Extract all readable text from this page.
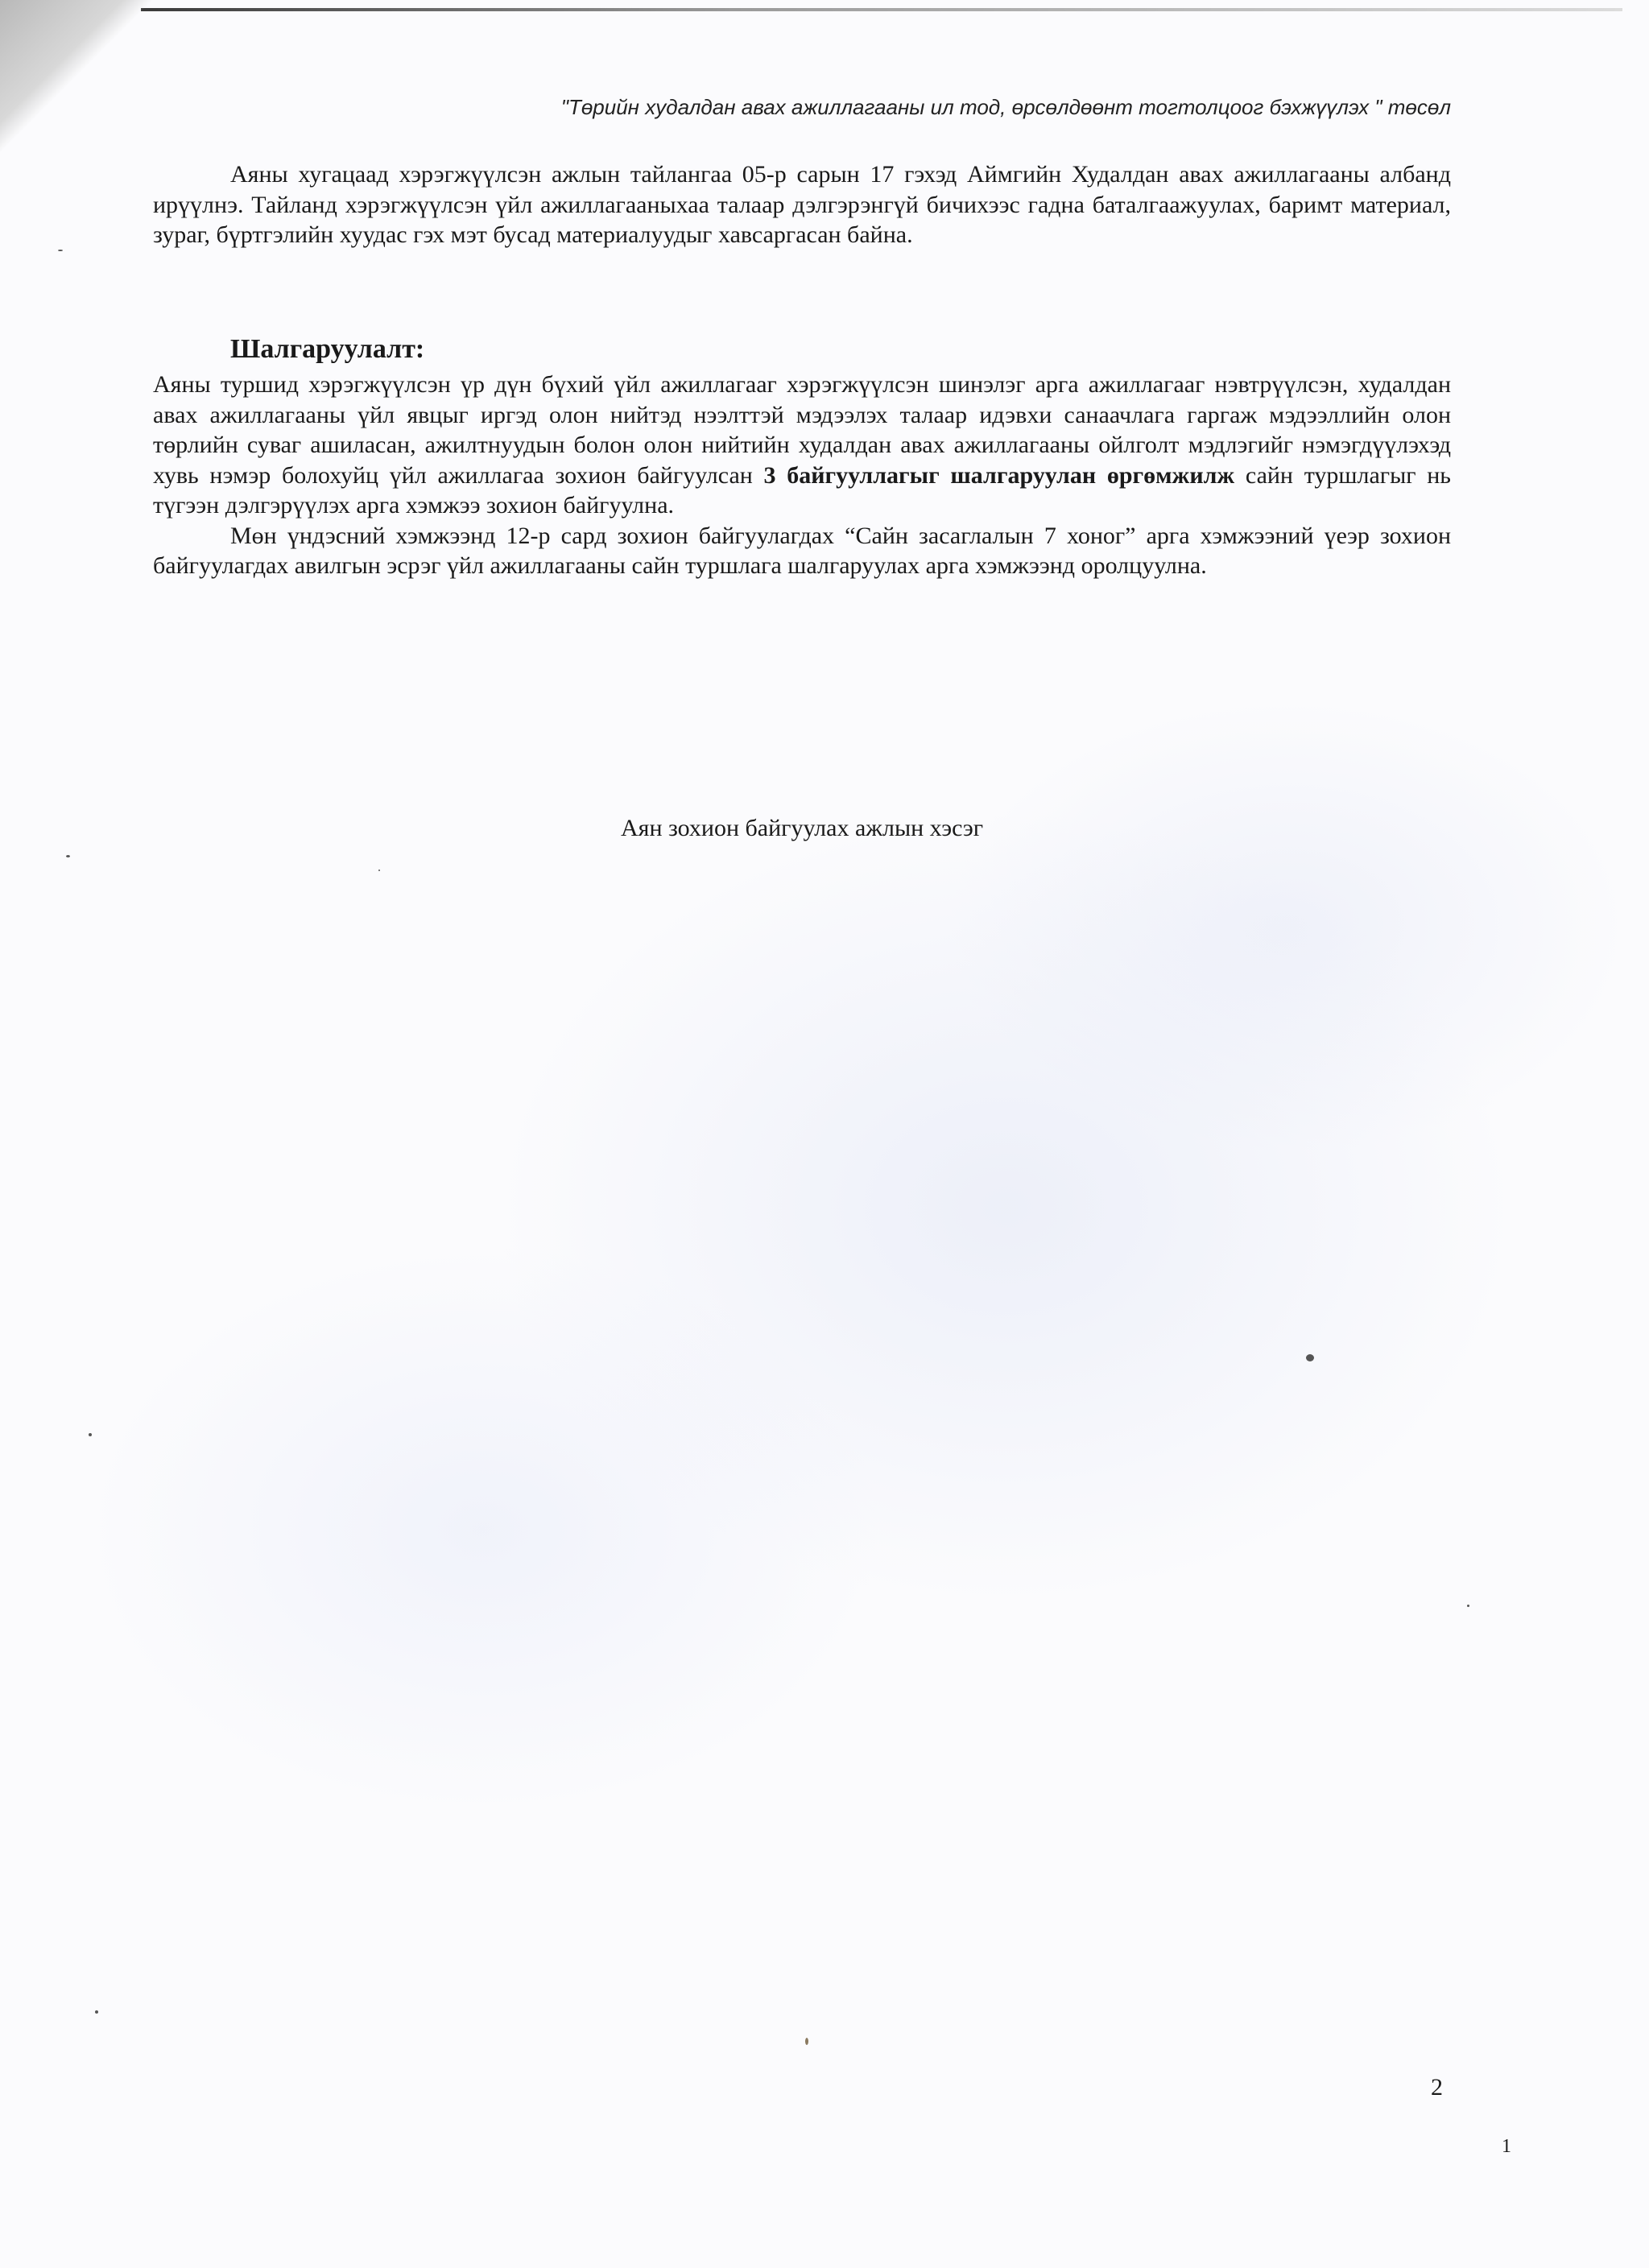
"Төрийн худалдан авах ажиллагааны ил тод, өрсөлдөөнт тогтолцоог бэхжүүлэх " төсөл

Аяны хугацаад хэрэгжүүлсэн ажлын тайлангаа 05-р сарын 17 гэхэд Аймгийн Худалдан авах ажиллагааны албанд ирүүлнэ. Тайланд хэрэгжүүлсэн үйл ажиллагааныхаа талаар дэлгэрэнгүй бичихээс гадна баталгаажуулах, баримт материал, зураг, бүртгэлийн хуудас гэх мэт бусад материалуудыг хавсаргасан байна.

Шалгаруулалт:

Аяны туршид хэрэгжүүлсэн үр дүн бүхий үйл ажиллагааг хэрэгжүүлсэн шинэлэг арга ажиллагааг нэвтрүүлсэн, худалдан авах ажиллагааны үйл явцыг иргэд олон нийтэд нээлттэй мэдээлэх талаар идэвхи санаачлага гаргаж мэдээллийн олон төрлийн суваг ашиласан, ажилтнуудын болон олон нийтийн худалдан авах ажиллагааны ойлголт мэдлэгийг нэмэгдүүлэхэд хувь нэмэр болохуйц үйл ажиллагаа зохион байгуулсан 3 байгууллагыг шалгаруулан өргөмжилж сайн туршлагыг нь түгээн дэлгэрүүлэх арга хэмжээ зохион байгуулна.

Мөн үндэсний хэмжээнд 12-р сард зохион байгуулагдах “Сайн засаглалын 7 хоног” арга хэмжээний үеэр зохион байгуулагдах авилгын эсрэг үйл ажиллагааны сайн туршлага шалгаруулах арга хэмжээнд оролцуулна.

Аян зохион байгуулах ажлын хэсэг
2
1
